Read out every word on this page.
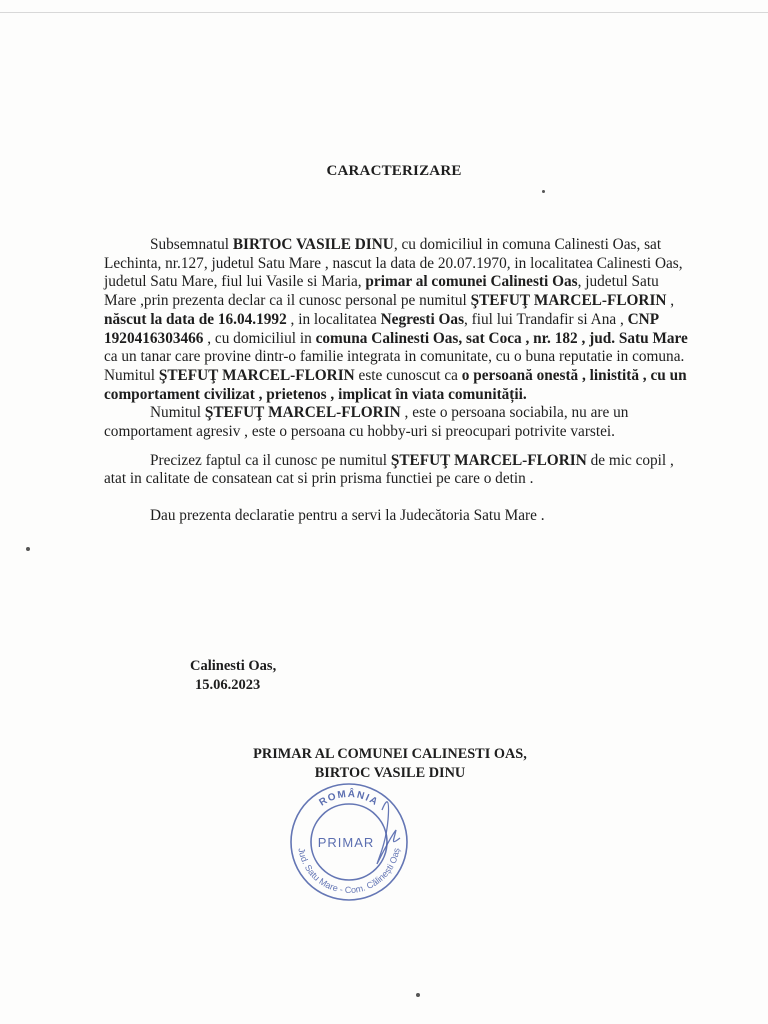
CARACTERIZARE

Subsemnatul BIRTOC VASILE DINU, cu domiciliul in comuna Calinesti Oas, sat Lechinta, nr.127, judetul Satu Mare , nascut la data de 20.07.1970, in localitatea Calinesti Oas, judetul Satu Mare, fiul lui Vasile si Maria, primar al comunei Calinesti Oas, judetul Satu Mare ,prin prezenta declar ca il cunosc personal pe numitul ŞTEFUŢ MARCEL-FLORIN , născut la data de 16.04.1992 , in localitatea Negresti Oas, fiul lui Trandafir si Ana , CNP 1920416303466 , cu domiciliul in comuna Calinesti Oas, sat Coca , nr. 182 , jud. Satu Mare ca un tanar care provine dintr-o familie integrata in comunitate, cu o buna reputatie in comuna. Numitul ŞTEFUŢ MARCEL-FLORIN este cunoscut ca o persoană onestă , linistită , cu un comportament civilizat , prietenos , implicat în viata comunității.

Numitul ŞTEFUŢ MARCEL-FLORIN , este o persoana sociabila, nu are un comportament agresiv , este o persoana cu hobby-uri si preocupari potrivite varstei.

Precizez faptul ca il cunosc pe numitul ŞTEFUŢ MARCEL-FLORIN de mic copil , atat in calitate de consatean cat si prin prisma functiei pe care o detin .

Dau prezenta declaratie pentru a servi la Judecătoria Satu Mare .

Calinesti Oas,
15.06.2023
PRIMAR AL COMUNEI CALINESTI OAS,
BIRTOC VASILE DINU
ROMÂNIA
Jud. Satu Mare - Com. Călinești Oaș
PRIMAR
